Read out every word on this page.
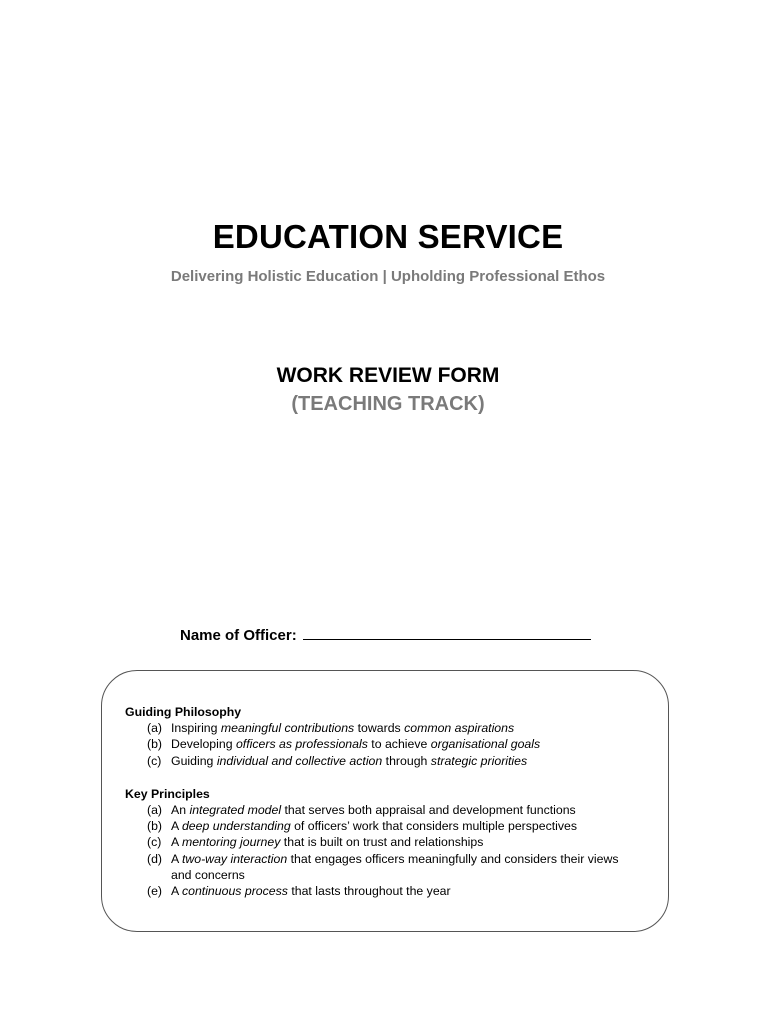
EDUCATION SERVICE
Delivering Holistic Education | Upholding Professional Ethos
WORK REVIEW FORM
(TEACHING TRACK)
Name of Officer:
Guiding Philosophy
(a) Inspiring meaningful contributions towards common aspirations
(b) Developing officers as professionals to achieve organisational goals
(c) Guiding individual and collective action through strategic priorities
Key Principles
(a) An integrated model that serves both appraisal and development functions
(b) A deep understanding of officers’ work that considers multiple perspectives
(c) A mentoring journey that is built on trust and relationships
(d) A two-way interaction that engages officers meaningfully and considers their views and concerns
(e) A continuous process that lasts throughout the year
